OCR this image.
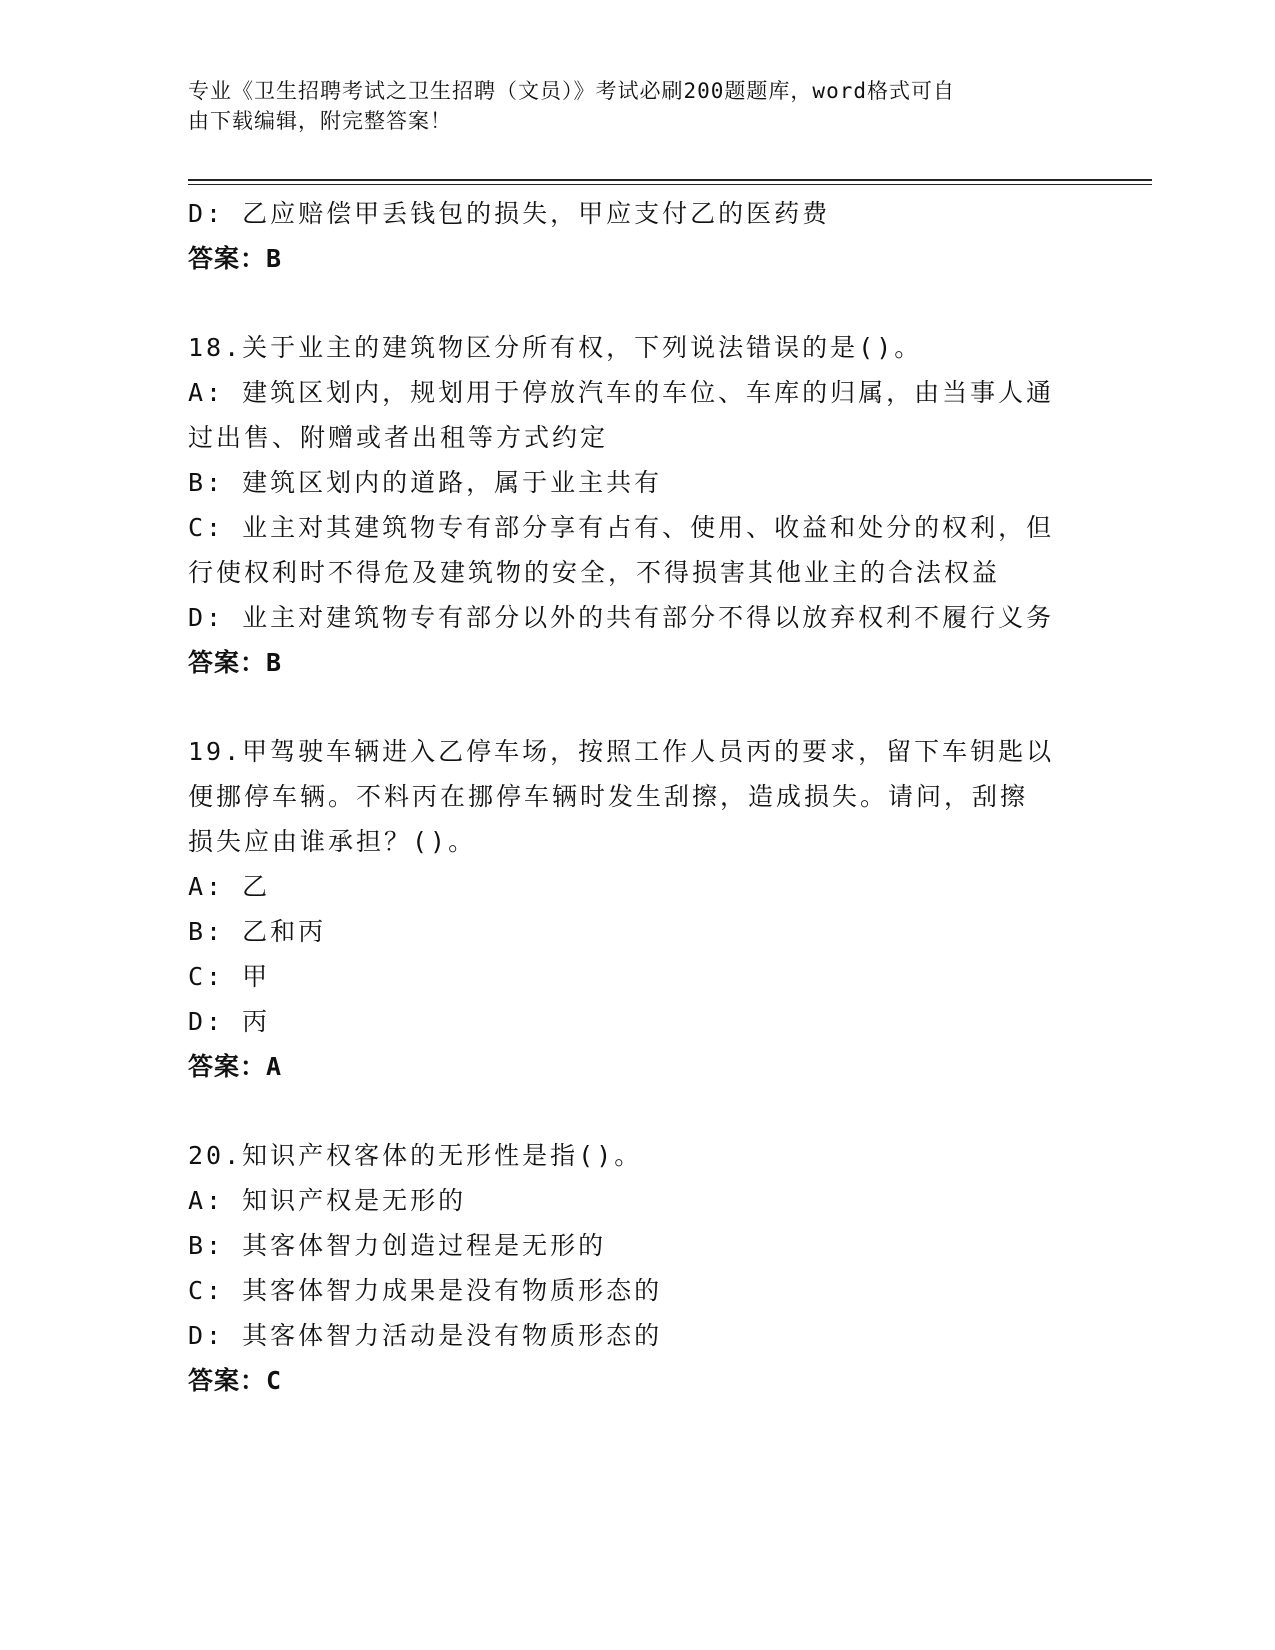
专业《卫生招聘考试之卫生招聘（文员）》考试必刷200题题库，word格式可自
由下载编辑，附完整答案！
D: 乙应赔偿甲丢钱包的损失，甲应支付乙的医药费
答案：B
18.关于业主的建筑物区分所有权，下列说法错误的是()。
A: 建筑区划内，规划用于停放汽车的车位、车库的归属，由当事人通
过出售、附赠或者出租等方式约定
B: 建筑区划内的道路，属于业主共有
C: 业主对其建筑物专有部分享有占有、使用、收益和处分的权利，但
行使权利时不得危及建筑物的安全，不得损害其他业主的合法权益
D: 业主对建筑物专有部分以外的共有部分不得以放弃权利不履行义务
答案：B
19.甲驾驶车辆进入乙停车场，按照工作人员丙的要求，留下车钥匙以
便挪停车辆。不料丙在挪停车辆时发生刮擦，造成损失。请问，刮擦
损失应由谁承担？()。
A: 乙
B: 乙和丙
C: 甲
D: 丙
答案：A
20.知识产权客体的无形性是指()。
A: 知识产权是无形的
B: 其客体智力创造过程是无形的
C: 其客体智力成果是没有物质形态的
D: 其客体智力活动是没有物质形态的
答案：C
